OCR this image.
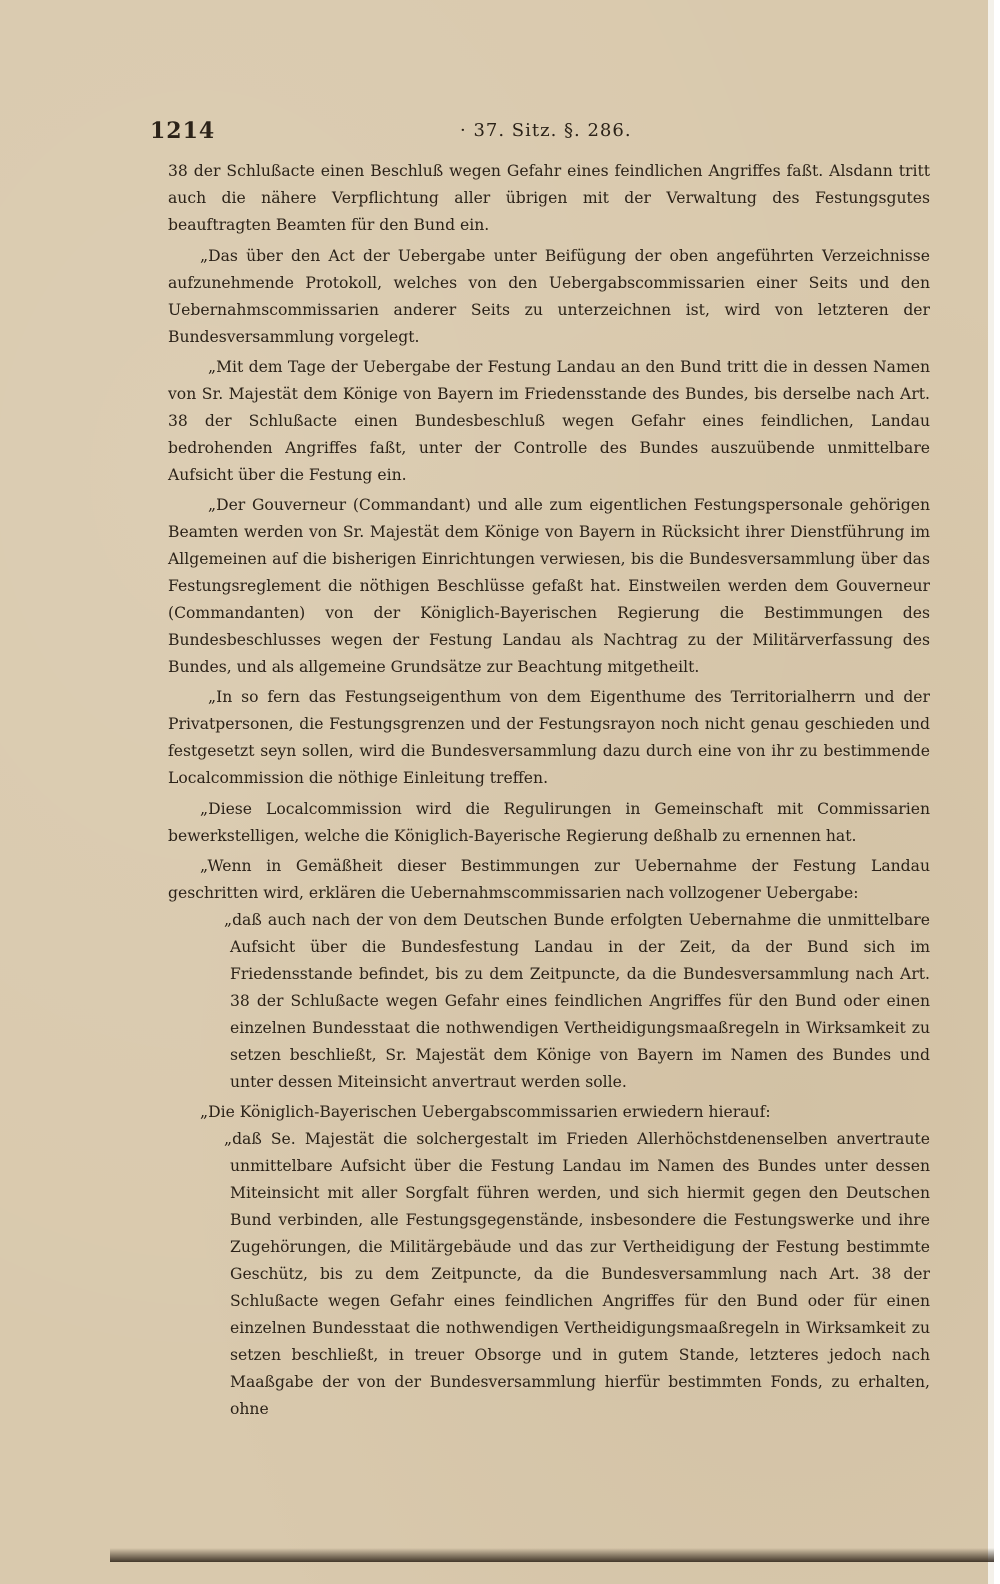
1214	· 37. Sitz. §. 286.

38 der Schlußacte einen Beschluß wegen Gefahr eines feindlichen Angriffes faßt. Alsdann tritt auch die nähere Verpflichtung aller übrigen mit der Verwaltung des Festungsgutes beauftragten Beamten für den Bund ein.

„Das über den Act der Uebergabe unter Beifügung der oben angeführten Verzeichnisse aufzunehmende Protokoll, welches von den Uebergabscommissarien einer Seits und den Uebernahmscommissarien anderer Seits zu unterzeichnen ist, wird von letzteren der Bundesversammlung vorgelegt.

„Mit dem Tage der Uebergabe der Festung Landau an den Bund tritt die in dessen Namen von Sr. Majestät dem Könige von Bayern im Friedensstande des Bundes, bis derselbe nach Art. 38 der Schlußacte einen Bundesbeschluß wegen Gefahr eines feindlichen, Landau bedrohenden Angriffes faßt, unter der Controlle des Bundes auszuübende unmittelbare Aufsicht über die Festung ein.

„Der Gouverneur (Commandant) und alle zum eigentlichen Festungspersonale gehörigen Beamten werden von Sr. Majestät dem Könige von Bayern in Rücksicht ihrer Dienstführung im Allgemeinen auf die bisherigen Einrichtungen verwiesen, bis die Bundesversammlung über das Festungsreglement die nöthigen Beschlüsse gefaßt hat. Einstweilen werden dem Gouverneur (Commandanten) von der Königlich-Bayerischen Regierung die Bestimmungen des Bundesbeschlusses wegen der Festung Landau als Nachtrag zu der Militärverfassung des Bundes, und als allgemeine Grundsätze zur Beachtung mitgetheilt.

„In so fern das Festungseigenthum von dem Eigenthume des Territorialherrn und der Privatpersonen, die Festungsgrenzen und der Festungsrayon noch nicht genau geschieden und festgesetzt seyn sollen, wird die Bundesversammlung dazu durch eine von ihr zu bestimmende Localcommission die nöthige Einleitung treffen.

„Diese Localcommission wird die Regulirungen in Gemeinschaft mit Commissarien bewerkstelligen, welche die Königlich-Bayerische Regierung deßhalb zu ernennen hat.

„Wenn in Gemäßheit dieser Bestimmungen zur Uebernahme der Festung Landau geschritten wird, erklären die Uebernahmscommissarien nach vollzogener Uebergabe:

„daß auch nach der von dem Deutschen Bunde erfolgten Uebernahme die unmittelbare Aufsicht über die Bundesfestung Landau in der Zeit, da der Bund sich im Friedensstande befindet, bis zu dem Zeitpuncte, da die Bundesversammlung nach Art. 38 der Schlußacte wegen Gefahr eines feindlichen Angriffes für den Bund oder einen einzelnen Bundesstaat die nothwendigen Vertheidigungsmaaßregeln in Wirksamkeit zu setzen beschließt, Sr. Majestät dem Könige von Bayern im Namen des Bundes und unter dessen Miteinsicht anvertraut werden solle.

„Die Königlich-Bayerischen Uebergabscommissarien erwiedern hierauf:

„daß Se. Majestät die solchergestalt im Frieden Allerhöchstdenenselben anvertraute unmittelbare Aufsicht über die Festung Landau im Namen des Bundes unter dessen Miteinsicht mit aller Sorgfalt führen werden, und sich hiermit gegen den Deutschen Bund verbinden, alle Festungsgegenstände, insbesondere die Festungswerke und ihre Zugehörungen, die Militärgebäude und das zur Vertheidigung der Festung bestimmte Geschütz, bis zu dem Zeitpuncte, da die Bundesversammlung nach Art. 38 der Schlußacte wegen Gefahr eines feindlichen Angriffes für den Bund oder für einen einzelnen Bundesstaat die nothwendigen Vertheidigungsmaaßregeln in Wirksamkeit zu setzen beschließt, in treuer Obsorge und in gutem Stande, letzteres jedoch nach Maaßgabe der von der Bundesversammlung hierfür bestimmten Fonds, zu erhalten, ohne
